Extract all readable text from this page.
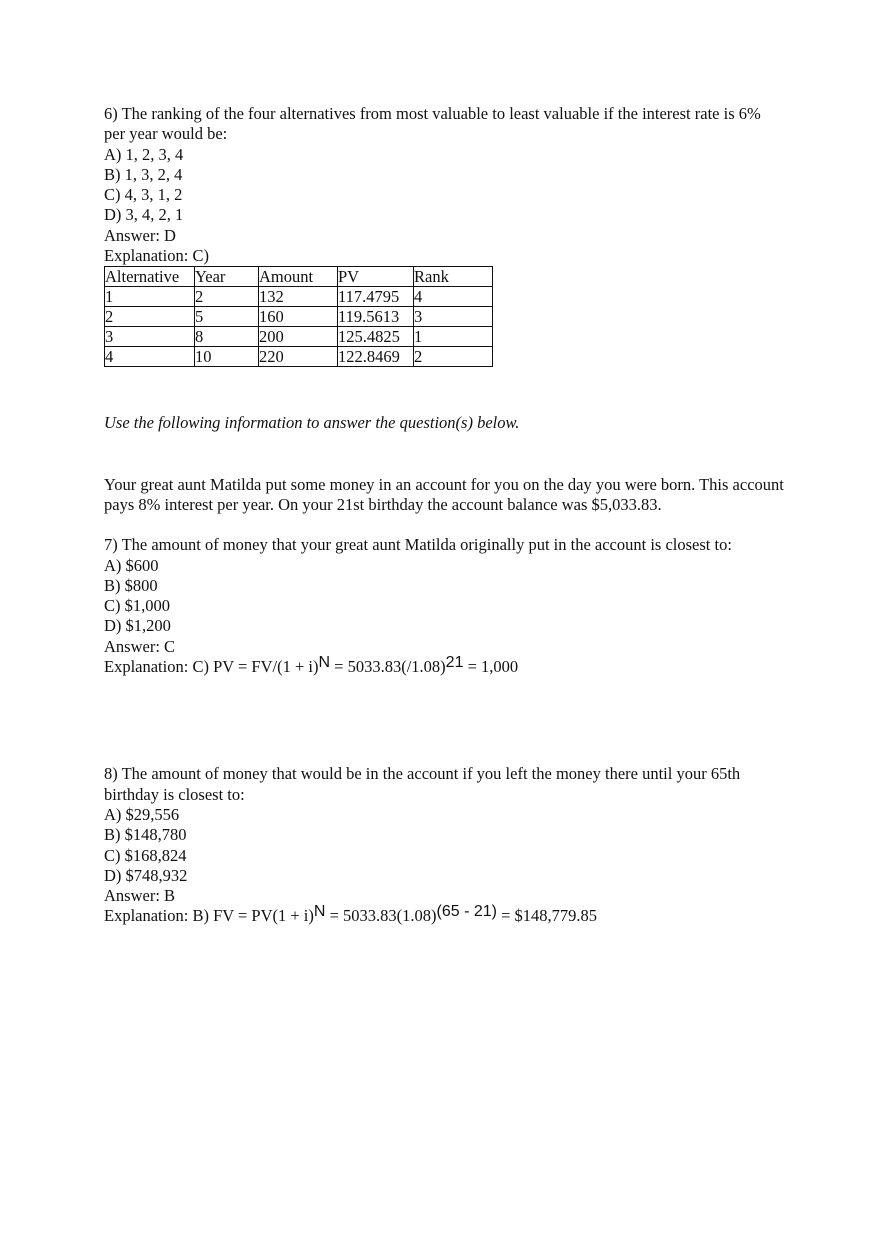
6) The ranking of the four alternatives from most valuable to least valuable if the interest rate is 6% per year would be:

A) 1, 2, 3, 4

B) 1, 3, 2, 4

C) 4, 3, 1, 2

D) 3, 4, 2, 1

Answer: D

Explanation: C)

Alternative	Year	Amount	PV	Rank
1	2	132	117.4795	4
2	5	160	119.5613	3
3	8	200	125.4825	1
4	10	220	122.8469	2

Use the following information to answer the question(s) below.

Your great aunt Matilda put some money in an account for you on the day you were born. This account pays 8% interest per year. On your 21st birthday the account balance was $5,033.83.

7) The amount of money that your great aunt Matilda originally put in the account is closest to:

A) $600

B) $800

C) $1,000

D) $1,200

Answer: C

Explanation: C) PV = FV/(1 + i)N = 5033.83(/1.08)21 = 1,000

8) The amount of money that would be in the account if you left the money there until your 65th birthday is closest to:

A) $29,556

B) $148,780

C) $168,824

D) $748,932

Answer: B

Explanation: B) FV = PV(1 + i)N = 5033.83(1.08)(65 - 21) = $148,779.85
